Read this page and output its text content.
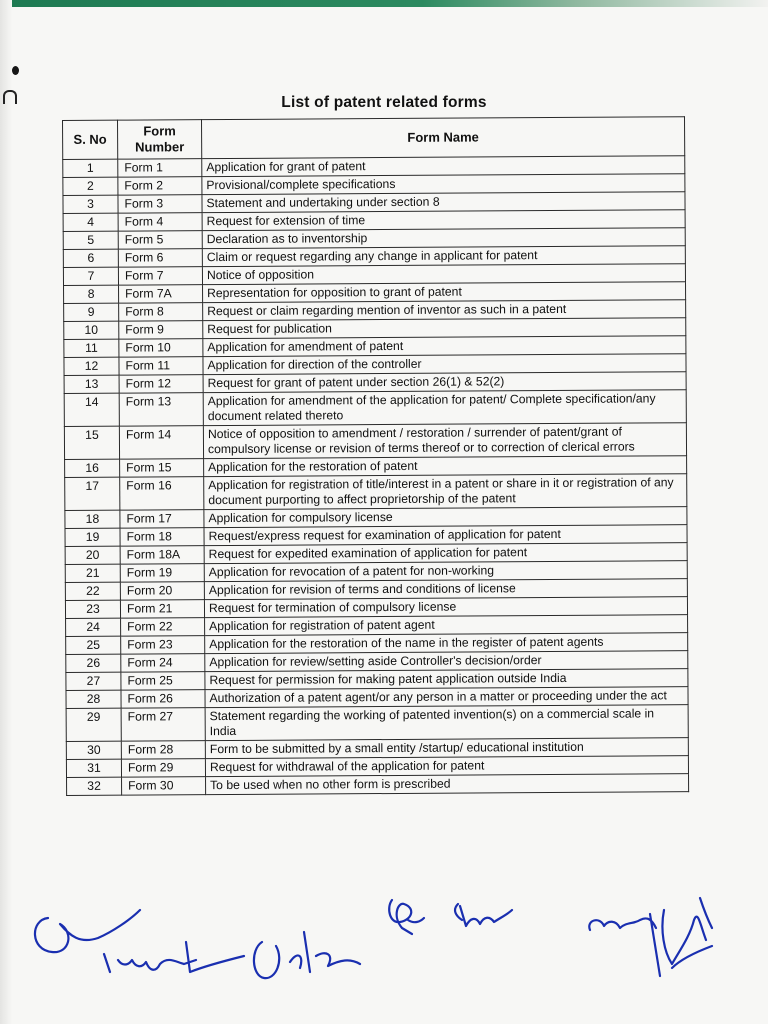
List of patent related forms
S. No	Form Number	Form Name
1	Form 1	Application for grant of patent
2	Form 2	Provisional/complete specifications
3	Form 3	Statement and undertaking under section 8
4	Form 4	Request for extension of time
5	Form 5	Declaration as to inventorship
6	Form 6	Claim or request regarding any change in applicant for patent
7	Form 7	Notice of opposition
8	Form 7A	Representation for opposition to grant of patent
9	Form 8	Request or claim regarding mention of inventor as such in a patent
10	Form 9	Request for publication
11	Form 10	Application for amendment of patent
12	Form 11	Application for direction of the controller
13	Form 12	Request for grant of patent under section 26(1) & 52(2)
14	Form 13	Application for amendment of the application for patent/ Complete specification/any document related thereto
15	Form 14	Notice of opposition to amendment / restoration / surrender of patent/grant of compulsory license or revision of terms thereof or to correction of clerical errors
16	Form 15	Application for the restoration of patent
17	Form 16	Application for registration of title/interest in a patent or share in it or registration of any document purporting to affect proprietorship of the patent
18	Form 17	Application for compulsory license
19	Form 18	Request/express request for examination of application for patent
20	Form 18A	Request for expedited examination of application for patent
21	Form 19	Application for revocation of a patent for non-working
22	Form 20	Application for revision of terms and conditions of license
23	Form 21	Request for termination of compulsory license
24	Form 22	Application for registration of patent agent
25	Form 23	Application for the restoration of the name in the register of patent agents
26	Form 24	Application for review/setting aside Controller's decision/order
27	Form 25	Request for permission for making patent application outside India
28	Form 26	Authorization of a patent agent/or any person in a matter or proceeding under the act
29	Form 27	Statement regarding the working of patented invention(s) on a commercial scale in India
30	Form 28	Form to be submitted by a small entity /startup/ educational institution
31	Form 29	Request for withdrawal of the application for patent
32	Form 30	To be used when no other form is prescribed
